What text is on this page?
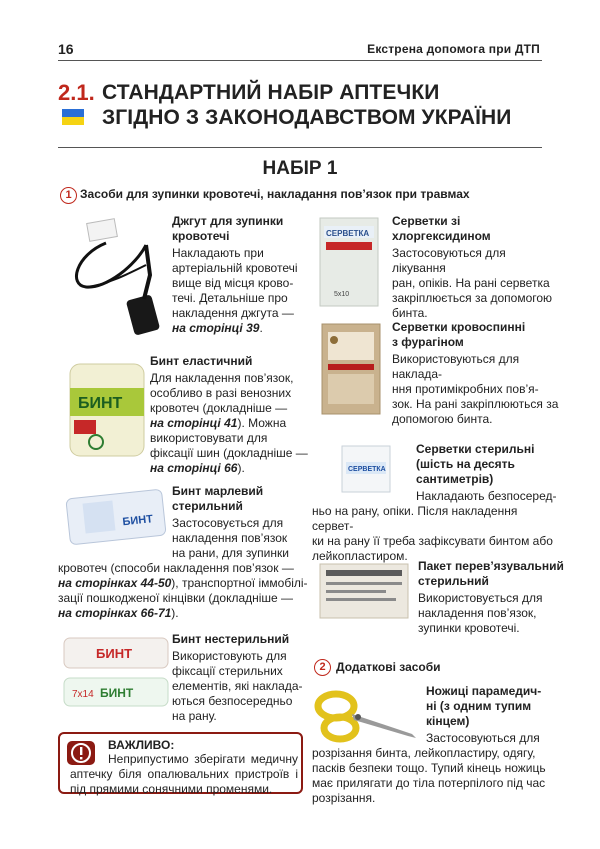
16	Екстрена допомога при ДТП
2.1. СТАНДАРТНИЙ НАБІР АПТЕЧКИ
ЗГІДНО З ЗАКОНОДАВСТВОМ УКРАЇНИ
НАБІР 1
1 Засоби для зупинки кровотечі, накладання пов’язок при травмах
Джгут для зупинки кровотечі
Накладають при
артеріальній кровотечі
вище від місця крово-
течі. Детальніше про
накладення джгута —
на сторінці 39.
БИНТ
Бинт еластичний
Для накладення пов’язок,
особливо в разі венозних
кровотеч (докладніше —
на сторінці 41). Можна
використовувати для
фіксації шин (докладніше —
на сторінці 66).
БИНТ
Бинт марлевий
стерильний
Застосовується для
накладення пов’язок
на рани, для зупинки
кровотеч (способи накладення пов’язок —
на сторінках 44-50), транспортної іммобілі-
зації пошкодженої кінцівки (докладніше —
на сторінках 66-71).
БИНТ
БИНТ
7х14
Бинт нестерильний
Використовують для
фіксації стерильних
елементів, які наклада-
ються безпосередньо
на рану.
ВАЖЛИВО:
Неприпустимо зберігати медичну аптечку біля опалювальних пристроїв і під прямими сонячними променями.
СЕРВЕТКА
5х10
Серветки зі хлоргексидином
Застосовуються для лікування
ран, опіків. На рані серветка
закріплюється за допомогою
бинта.
Серветки кровоспинні
з фурагіном
Використовуються для наклада-
ння протимікробних пов’я-
зок. На рані закріплюються за
допомогою бинта.
СЕРВЕТКА
Серветки стерильні
(шість на десять
сантиметрів)
Накладають безпосеред-
ньо на рану, опіки. Після накладення сервет-
ки на рану її треба зафіксувати бинтом або
лейкопластиром.
Пакет перев’язувальний
стерильний
Використовується для
накладення пов’язок,
зупинки кровотечі.
2 Додаткові засоби
Ножиці парамедич-
ні (з одним тупим
кінцем)
Застосовуються для
розрізання бинта, лейкопластиру, одягу,
пасків безпеки тощо. Тупий кінець ножиць
має прилягати до тіла потерпілого під час
розрізання.
